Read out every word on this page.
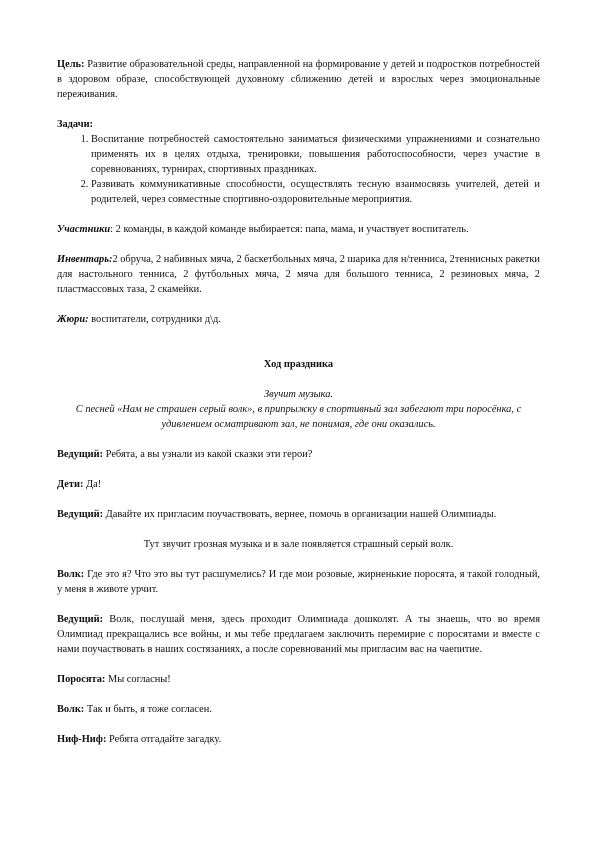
Цель: Развитие образовательной среды, направленной на формирование у детей и подростков потребностей в здоровом образе, способствующей духовному сближению детей и взрослых через эмоциональные переживания.

Задачи:

1. Воспитание потребностей самостоятельно заниматься физическими упражнениями и сознательно применять их в целях отдыха, тренировки, повышения работоспособности, через участие в соревнованиях, турнирах, спортивных праздниках.
2. Развивать коммуникативные способности, осуществлять тесную взаимосвязь учителей, детей и родителей, через совместные спортивно-оздоровительные мероприятия.

Участники: 2 команды, в каждой команде выбирается: папа, мама, и участвует воспитатель.

Инвентарь:2 обруча, 2 набивных мяча, 2 баскетбольных мяча, 2 шарика для н/тенниса, 2теннисных ракетки для настольного тенниса, 2 футбольных мяча, 2 мяча для большого тенниса, 2 резиновых мяча, 2 пластмассовых таза, 2 скамейки.

Жюри: воспитатели, сотрудники д\д.

Ход праздника

Звучит музыка.

С песней «Нам не страшен серый волк», в припрыжку в спортивный зал забегают три поросёнка, с удивлением осматривают зал, не понимая, где они оказались.

Ведущий: Ребята, а вы узнали из какой сказки эти герои?

Дети: Да!

Ведущий: Давайте их пригласим поучаствовать, вернее, помочь в организации нашей Олимпиады.

Тут звучит грозная музыка и в зале появляется страшный серый волк.

Волк: Где это я? Что это вы тут расшумелись? И где мои розовые, жирненькие поросята, я такой голодный, у меня в животе урчит.

Ведущий: Волк, послушай меня, здесь проходит Олимпиада дошколят. А ты знаешь, что во время Олимпиад прекращались все войны, и мы тебе предлагаем заключить перемирие с поросятами и вместе с нами поучаствовать в наших состязаниях, а после соревнований мы пригласим вас на чаепитие.

Поросята: Мы согласны!

Волк: Так и быть, я тоже согласен.

Ниф-Ниф: Ребята отгадайте загадку.
